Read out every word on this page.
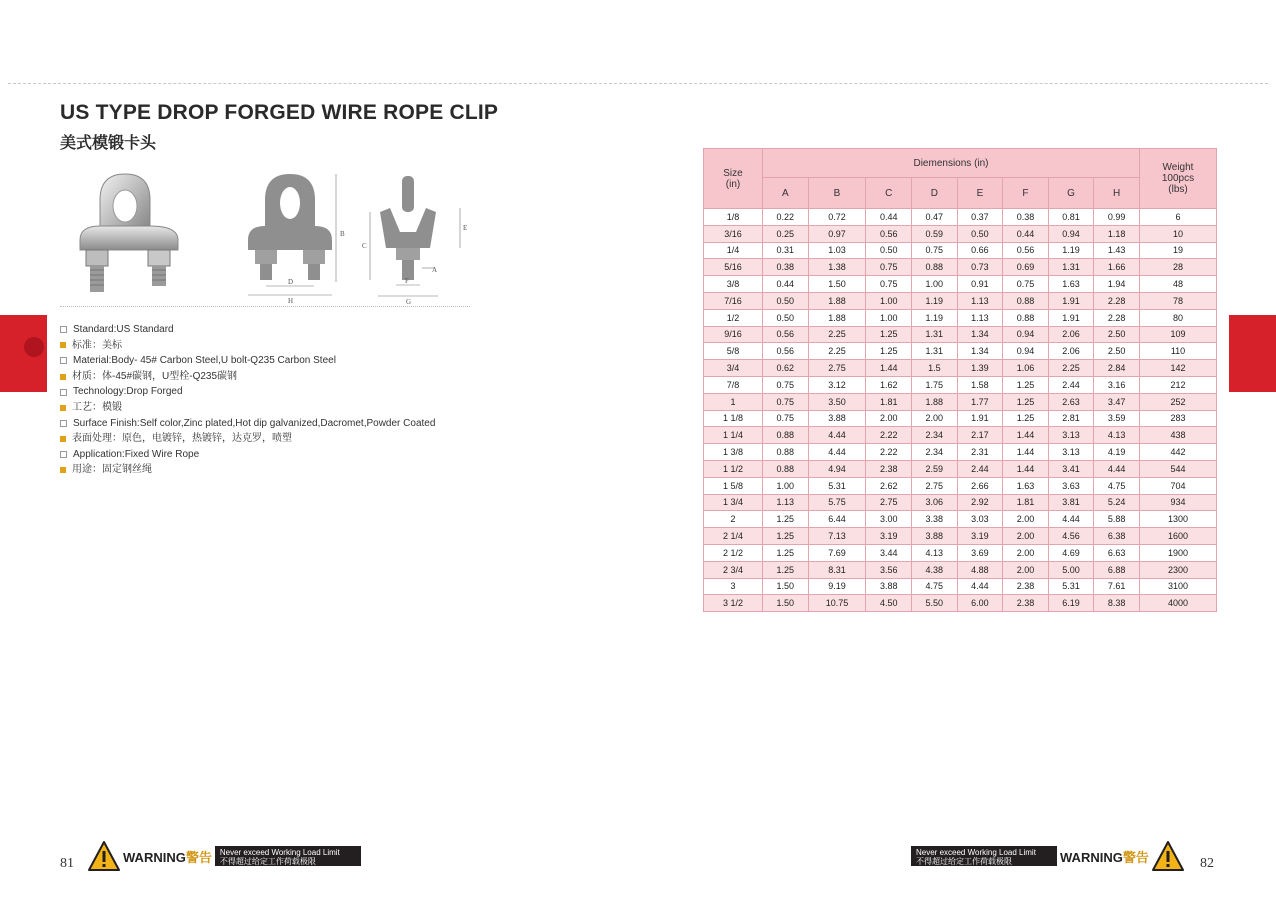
US TYPE DROP FORGED WIRE ROPE CLIP
美式模锻卡头
B
D
H
C
E
A
F
G
Standard:US Standard
标准：美标
Material:Body- 45# Carbon Steel,U bolt-Q235 Carbon Steel
材质：体-45#碳钢，U型栓-Q235碳钢
Technology:Drop Forged
工艺：模锻
Surface Finish:Self color,Zinc plated,Hot dip galvanized,Dacromet,Powder Coated
表面处理：原色，电镀锌，热镀锌，达克罗，喷塑
Application:Fixed Wire Rope
用途：固定钢丝绳
Size
(in)	Diemensions (in)								Weight
100pcs
(lbs)
	A	B	C	D	E	F	G	H	
1/8	0.22	0.72	0.44	0.47	0.37	0.38	0.81	0.99	6
3/16	0.25	0.97	0.56	0.59	0.50	0.44	0.94	1.18	10
1/4	0.31	1.03	0.50	0.75	0.66	0.56	1.19	1.43	19
5/16	0.38	1.38	0.75	0.88	0.73	0.69	1.31	1.66	28
3/8	0.44	1.50	0.75	1.00	0.91	0.75	1.63	1.94	48
7/16	0.50	1.88	1.00	1.19	1.13	0.88	1.91	2.28	78
1/2	0.50	1.88	1.00	1.19	1.13	0.88	1.91	2.28	80
9/16	0.56	2.25	1.25	1.31	1.34	0.94	2.06	2.50	109
5/8	0.56	2.25	1.25	1.31	1.34	0.94	2.06	2.50	110
3/4	0.62	2.75	1.44	1.5	1.39	1.06	2.25	2.84	142
7/8	0.75	3.12	1.62	1.75	1.58	1.25	2.44	3.16	212
1	0.75	3.50	1.81	1.88	1.77	1.25	2.63	3.47	252
1 1/8	0.75	3.88	2.00	2.00	1.91	1.25	2.81	3.59	283
1 1/4	0.88	4.44	2.22	2.34	2.17	1.44	3.13	4.13	438
1 3/8	0.88	4.44	2.22	2.34	2.31	1.44	3.13	4.19	442
1 1/2	0.88	4.94	2.38	2.59	2.44	1.44	3.41	4.44	544
1 5/8	1.00	5.31	2.62	2.75	2.66	1.63	3.63	4.75	704
1 3/4	1.13	5.75	2.75	3.06	2.92	1.81	3.81	5.24	934
2	1.25	6.44	3.00	3.38	3.03	2.00	4.44	5.88	1300
2 1/4	1.25	7.13	3.19	3.88	3.19	2.00	4.56	6.38	1600
2 1/2	1.25	7.69	3.44	4.13	3.69	2.00	4.69	6.63	1900
2 3/4	1.25	8.31	3.56	4.38	4.88	2.00	5.00	6.88	2300
3	1.50	9.19	3.88	4.75	4.44	2.38	5.31	7.61	3100
3 1/2	1.50	10.75	4.50	5.50	6.00	2.38	6.19	8.38	4000
81	WARNING警告 Never exceed Working Load Limit
不得超过给定工作荷载极限
Never exceed Working Load Limit
不得超过给定工作荷载极限	WARNING警告	82
